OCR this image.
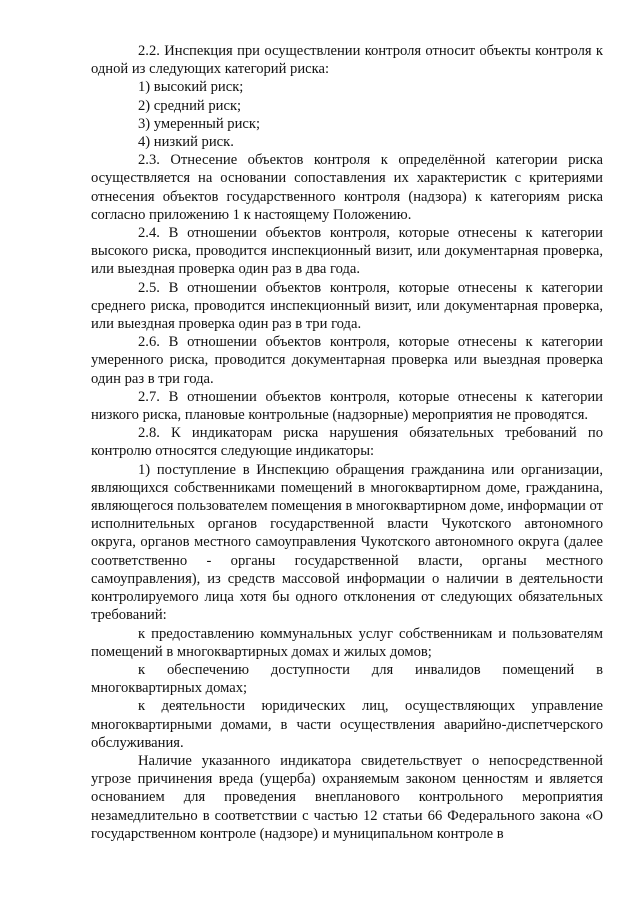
2.2. Инспекция при осуществлении контроля относит объекты контроля к одной из следующих категорий риска:

1) высокий риск;

2) средний риск;

3) умеренный риск;

4) низкий риск.

2.3. Отнесение объектов контроля к определённой категории риска осуществляется на основании сопоставления их характеристик с критериями отнесения объектов государственного контроля (надзора) к категориям риска согласно приложению 1 к настоящему Положению.

2.4. В отношении объектов контроля, которые отнесены к категории высокого риска, проводится инспекционный визит, или документарная проверка, или выездная проверка один раз в два года.

2.5. В отношении объектов контроля, которые отнесены к категории среднего риска, проводится инспекционный визит, или документарная проверка, или выездная проверка один раз в три года.

2.6. В отношении объектов контроля, которые отнесены к категории умеренного риска, проводится документарная проверка или выездная проверка один раз в три года.

2.7. В отношении объектов контроля, которые отнесены к категории низкого риска, плановые контрольные (надзорные) мероприятия не проводятся.

2.8. К индикаторам риска нарушения обязательных требований по контролю относятся следующие индикаторы:

1) поступление в Инспекцию обращения гражданина или организации, являющихся собственниками помещений в многоквартирном доме, гражданина, являющегося пользователем помещения в многоквартирном доме, информации от исполнительных органов государственной власти Чукотского автономного округа, органов местного самоуправления Чукотского автономного округа (далее соответственно - органы государственной власти, органы местного самоуправления), из средств массовой информации о наличии в деятельности контролируемого лица хотя бы одного отклонения от следующих обязательных требований:

к предоставлению коммунальных услуг собственникам и пользователям помещений в многоквартирных домах и жилых домов;

к обеспечению доступности для инвалидов помещений в многоквартирных домах;

к деятельности юридических лиц, осуществляющих управление многоквартирными домами, в части осуществления аварийно-диспетчерского обслуживания.

Наличие указанного индикатора свидетельствует о непосредственной угрозе причинения вреда (ущерба) охраняемым законом ценностям и является основанием для проведения внепланового контрольного мероприятия незамедлительно в соответствии с частью 12 статьи 66 Федерального закона «О государственном контроле (надзоре) и муниципальном контроле в
